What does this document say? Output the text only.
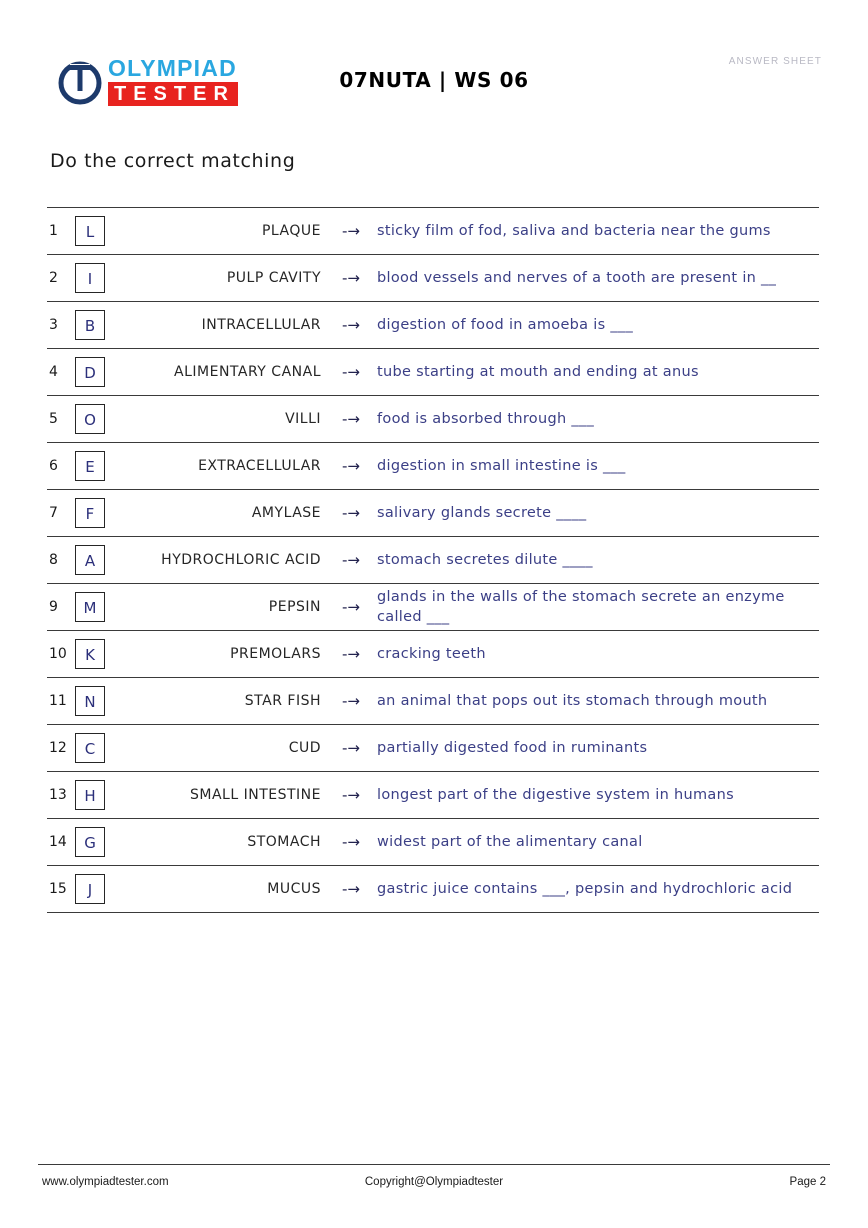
OLYMPIAD
TESTER
07NUTA | WS 06
ANSWER SHEET
Do the correct matching
1	L	PLAQUE	-→	sticky film of fod, saliva and bacteria near the gums
2	I	PULP CAVITY	-→	blood vessels and nerves of a tooth are present in __
3	B	INTRACELLULAR	-→	digestion of food in amoeba is ___
4	D	ALIMENTARY CANAL	-→	tube starting at mouth and ending at anus
5	O	VILLI	-→	food is absorbed through ___
6	E	EXTRACELLULAR	-→	digestion in small intestine is ___
7	F	AMYLASE	-→	salivary glands secrete ____
8	A	HYDROCHLORIC ACID	-→	stomach secretes dilute ____
9	M	PEPSIN	-→	glands in the walls of the stomach secrete an enzyme called ___
10	K	PREMOLARS	-→	cracking teeth
11	N	STAR FISH	-→	an animal that pops out its stomach through mouth
12	C	CUD	-→	partially digested food in ruminants
13	H	SMALL INTESTINE	-→	longest part of the digestive system in humans
14	G	STOMACH	-→	widest part of the alimentary canal
15	J	MUCUS	-→	gastric juice contains ___, pepsin and hydrochloric acid
www.olympiadtester.com	Copyright@Olympiadtester	Page 2
